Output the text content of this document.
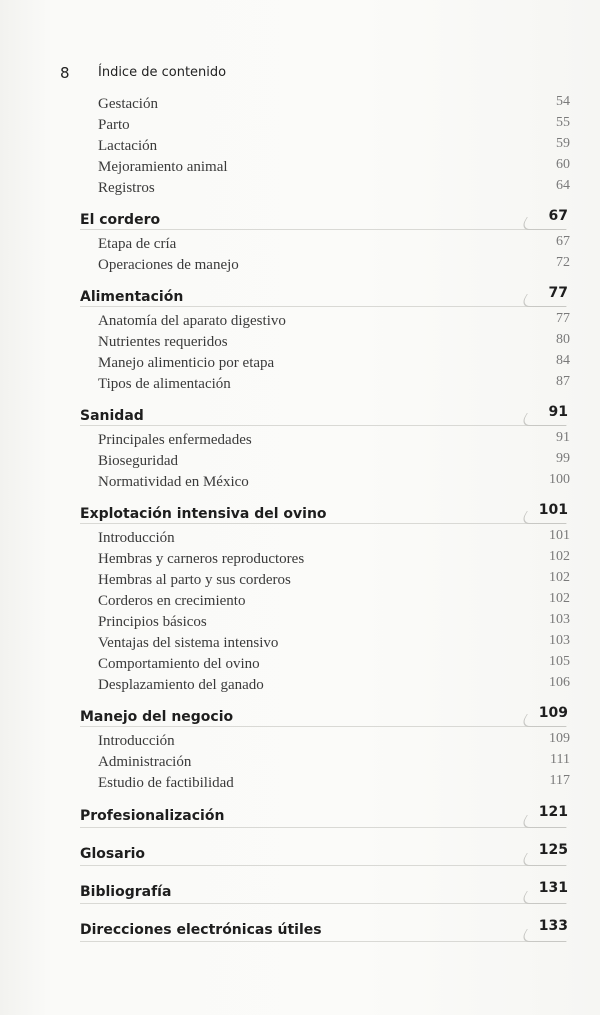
8 Índice de contenido
Gestación	54
Parto	55
Lactación	59
Mejoramiento animal	60
Registros	64
El cordero	67
Etapa de cría	67
Operaciones de manejo	72
Alimentación	77
Anatomía del aparato digestivo	77
Nutrientes requeridos	80
Manejo alimenticio por etapa	84
Tipos de alimentación	87
Sanidad	91
Principales enfermedades	91
Bioseguridad	99
Normatividad en México	100
Explotación intensiva del ovino	101
Introducción	101
Hembras y carneros reproductores	102
Hembras al parto y sus corderos	102
Corderos en crecimiento	102
Principios básicos	103
Ventajas del sistema intensivo	103
Comportamiento del ovino	105
Desplazamiento del ganado	106
Manejo del negocio	109
Introducción	109
Administración	111
Estudio de factibilidad	117
Profesionalización	121
Glosario	125
Bibliografía	131
Direcciones electrónicas útiles	133
